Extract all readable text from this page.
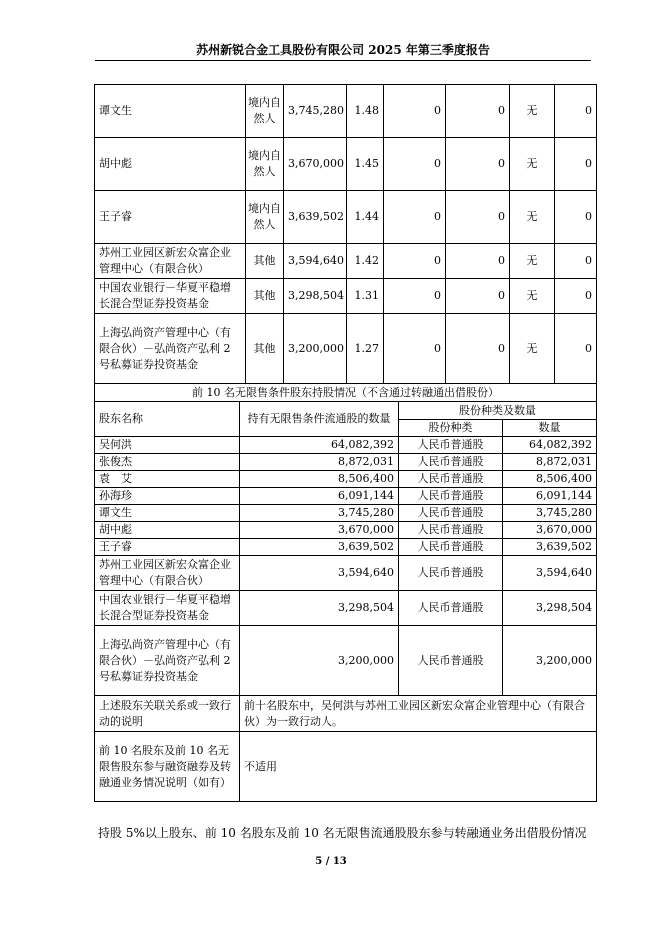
苏州新锐合金工具股份有限公司 2025 年第三季度报告
谭文生	境内自然人	3,745,280	1.48	0	0	无	0
胡中彪	境内自然人	3,670,000	1.45	0	0	无	0
王子睿	境内自然人	3,639,502	1.44	0	0	无	0
苏州工业园区新宏众富企业管理中心（有限合伙）	其他	3,594,640	1.42	0	0	无	0
中国农业银行－华夏平稳增长混合型证券投资基金	其他	3,298,504	1.31	0	0	无	0
上海弘尚资产管理中心（有限合伙）－弘尚资产弘利 2 号私募证券投资基金	其他	3,200,000	1.27	0	0	无	0
前 10 名无限售条件股东持股情况（不含通过转融通出借股份）			
股东名称	持有无限售条件流通股的数量	股份种类及数量	
		股份种类	数量
吴何洪	64,082,392	人民币普通股	64,082,392
张俊杰	8,872,031	人民币普通股	8,872,031
袁　艾	8,506,400	人民币普通股	8,506,400
孙海珍	6,091,144	人民币普通股	6,091,144
谭文生	3,745,280	人民币普通股	3,745,280
胡中彪	3,670,000	人民币普通股	3,670,000
王子睿	3,639,502	人民币普通股	3,639,502
苏州工业园区新宏众富企业管理中心（有限合伙）	3,594,640	人民币普通股	3,594,640
中国农业银行－华夏平稳增长混合型证券投资基金	3,298,504	人民币普通股	3,298,504
上海弘尚资产管理中心（有限合伙）－弘尚资产弘利 2 号私募证券投资基金	3,200,000	人民币普通股	3,200,000
上述股东关联关系或一致行动的说明	前十名股东中，吴何洪与苏州工业园区新宏众富企业管理中心（有限合伙）为一致行动人。		
前 10 名股东及前 10 名无限售股东参与融资融券及转融通业务情况说明（如有）	不适用		
持股 5%以上股东、前 10 名股东及前 10 名无限售流通股股东参与转融通业务出借股份情况
5 / 13
